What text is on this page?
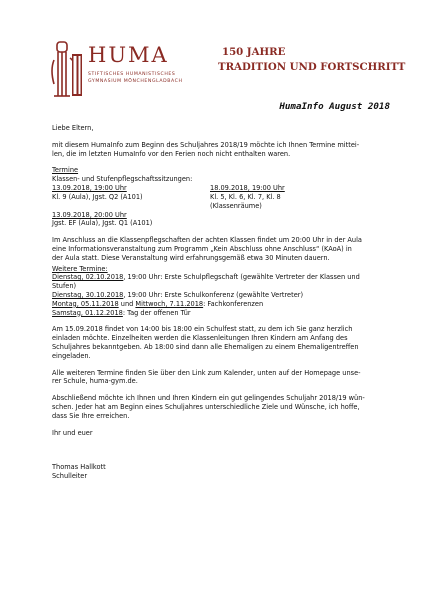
HUMA
STIFTISCHES HUMANISTISCHES
GYMNASIUM MÖNCHENGLADBACH
150 JAHRE
TRADITION UND FORTSCHRITT
HumaInfo August 2018

Liebe Eltern,

mit diesem HumaInfo zum Beginn des Schuljahres 2018/19 möchte ich Ihnen Termine mittei-

len, die im letzten HumaInfo vor den Ferien noch nicht enthalten waren.

Termine

Klassen- und Stufenpflegschaftssitzungen:

13.09.2018, 19:00 Uhr

Kl. 9 (Aula), Jgst. Q2 (A101)

18.09.2018, 19:00 Uhr

Kl. 5, Kl. 6, Kl. 7, Kl. 8

(Klassenräume)

13.09.2018, 20:00 Uhr

Jgst. EF (Aula), Jgst. Q1 (A101)

Im Anschluss an die Klassenpflegschaften der achten Klassen findet um 20:00 Uhr in der Aula

eine Informationsveranstaltung zum Programm „Kein Abschluss ohne Anschluss“ (KAoA) in

der Aula statt. Diese Veranstaltung wird erfahrungsgemäß etwa 30 Minuten dauern.

Weitere Termine:

Dienstag, 02.10.2018, 19:00 Uhr: Erste Schulpflegschaft (gewählte Vertreter der Klassen und

Stufen)

Dienstag, 30.10.2018, 19:00 Uhr: Erste Schulkonferenz (gewählte Vertreter)

Montag, 05.11.2018 und Mittwoch, 7.11.2018: Fachkonferenzen

Samstag, 01.12.2018: Tag der offenen Tür

Am 15.09.2018 findet von 14:00 bis 18:00 ein Schulfest statt, zu dem ich Sie ganz herzlich

einladen möchte. Einzelheiten werden die Klassenleitungen Ihren Kindern am Anfang des

Schuljahres bekanntgeben. Ab 18:00 sind dann alle Ehemaligen zu einem Ehemaligentreffen

eingeladen.

Alle weiteren Termine finden Sie über den Link zum Kalender, unten auf der Homepage unse-

rer Schule, huma-gym.de.

Abschließend möchte ich Ihnen und Ihren Kindern ein gut gelingendes Schuljahr 2018/19 wün-

schen. Jeder hat am Beginn eines Schuljahres unterschiedliche Ziele und Wünsche, ich hoffe,

dass Sie Ihre erreichen.

Ihr und euer

Thomas Hallkott

Schulleiter
